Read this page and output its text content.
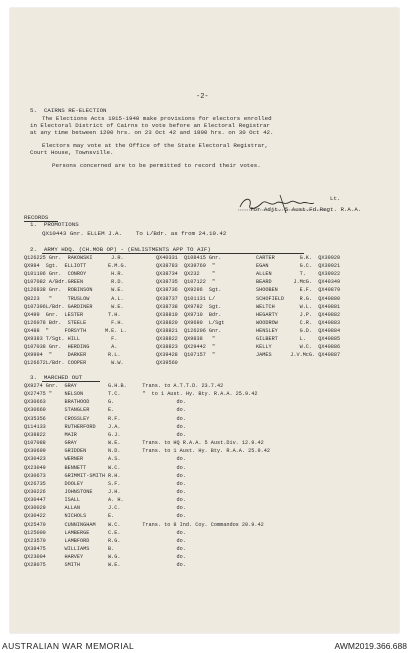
-2-
5.  CAIRNS RE-ELECTION
The Elections Acts 1915-1940 make provisions for electors enrolled
in Electoral District of Cairns to vote before an Electoral Registrar
at any time between 1200 hrs. on 23 Oct 42 and 1800 hrs. on 30 Oct 42.
Electors may vote at the Office of the State Electoral Registrar,
Court House, Townsville.
Persons concerned are to be permitted to record their votes.
Lt.
for Adjt. 5 Aust.Fd.Regt. R.A.A.
RECORDS
1.  PROMOTIONS
QX10443 Gnr. ELLEM J.A.    To L/Bdr. as from 24.10.42
2.  ARMY HDQ. (CH.MOB OP) - (ENLISTMENTS APP TO AIF)
Q126225 Gnr.  RAKOWSKI      J.R.
QX984  Sgt.  ELLIOTT       E.M.G.
Q101106 Gnr.  CONROY        H.R.
Q107082 A/Bdr.GREEN         R.D.
Q126838 Gnr.  ROBINSON      W.E.
Q8223   "     TRUSLOW       A.L.
Q107396L/Bdr. GARDINER      W.E.
QX499  Gnr.  LESTER        T.H.
Q126078 Bdr.  STEELE        F.H.
QX488  "     FORSYTH      M.E. L.
QX9383 T/Sgt. HILL          F.
Q107038 Gnr.  HERDING       A.
QX9994  "     DARKER       R.L.
Q126672L/Bdr. COOPER        W.W.
QX40331  Q108415 Gnr.
QX38783  QX39760  "
QX38734  QX232    "
QX38735  Q107122  "
QX38736  QX9296  Sgt.
QX38737  Q101131 L/
QX38738  QX9782  Sgt.
QX38819  QX9710  Bdr.
QX38820  QX9690  L/Sgt
QX38821  Q126206 Gnr.
QX38822  QX9838   "
QX38823  QX29442  "
QX39428  Q107157  "
QX39560
CARTER        G.K.  QX39920
EGAN          G.C.  QX39921
ALLEN         T.    QX39922
BEARD       J.McG.  QX40349
SHOOBEN       E.F.  QX40879
SCHOFIELD     R.G.  QX40880
WELTCH        W.L.  QX40881
HEGARTY       J.P.  QX40882
WOODROW       C.R.  QX40883
HENSLEY       G.D.  QX40884
GILBERT       L.    QX40885
KELLY         W.C.  QX40886
JAMES      J.V.McG. QX40887
3.  MARCHED OUT
QX9274 Gnr.  GRAY          G.H.B.     Trans. to A.T.T.D. 23.7.42
QX27475 "    NELSON        T.C.       "  to 1 Aust. Hy. Bty. R.A.A. 25.9.42
QX30663      BRATHOOD      G.                    do.
QX30660      STANGLER      E.                    do.
QX35356      CROSSLEY      R.F.                  do.
Q114133      RUTHERFORD    J.A.                  do.
QX38822      MAIR          G.J.                  do.
Q107088      GRAY          W.E.       Trans. to HQ R.A.A. 5 Aust.Div. 12.9.42
QX30699      GRIDDEN       N.D.       Trans. to 1 Aust. Hy. Bty. R.A.A. 25.9.42
QX30423      WERNER        A.S.                  do.
QX23049      BENNETT       W.C.                  do.
QX30673      GRIMMIT-SMITH R.H.                  do.
QX26735      DOOLEY        S.F.                  do.
QX30226      JOHNSTONE     J.H.                  do.
QX30447      ISALL         A. H.                 do.
QX30029      ALLAN         J.C.                  do.
QX30422      NICHOLS       E.                    do.
QX25470      CUNNINGHAM    W.C.       Trans. to 8 Ind. Coy. Commandos 20.9.42
Q125000      LAMBERGE      C.E.                  do.
QX23570      LAMBFORD      R.G.                  do.
QX38475      WILLIAMS      B.                    do.
QX23004      HARVEY        W.G.                  do.
QX28075      SMITH         W.E.                  do.
AUSTRALIAN WAR MEMORIAL	AWM2019.366.688
